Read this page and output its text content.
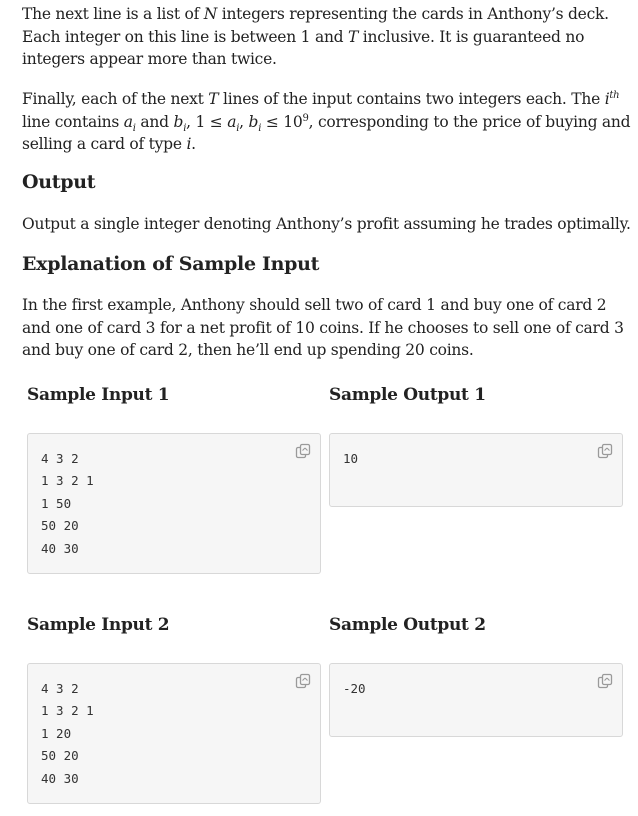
The next line is a list of N integers representing the cards in Anthony’s deck. Each integer on this line is between 1 and T inclusive. It is guaranteed no integers appear more than twice.

Finally, each of the next T lines of the input contains two integers each. The $i^{th}$ line contains $a_i$ and $b_i$, $1 \le a_i$, $b_i \le 10^9$, corresponding to the price of buying and selling a card of type i.

Output

Output a single integer denoting Anthony’s profit assuming he trades optimally.

Explanation of Sample Input

In the first example, Anthony should sell two of card 1 and buy one of card 2 and one of card 3 for a net profit of 10 coins. If he chooses to sell one of card 3 and buy one of card 2, then he’ll end up spending 20 coins.

Sample Input 1	Sample Output 1
4 3 2
1 3 2 1
1 50
50 20
40 30
10
Sample Input 2	Sample Output 2
4 3 2
1 3 2 1
1 20
50 20
40 30
-20
